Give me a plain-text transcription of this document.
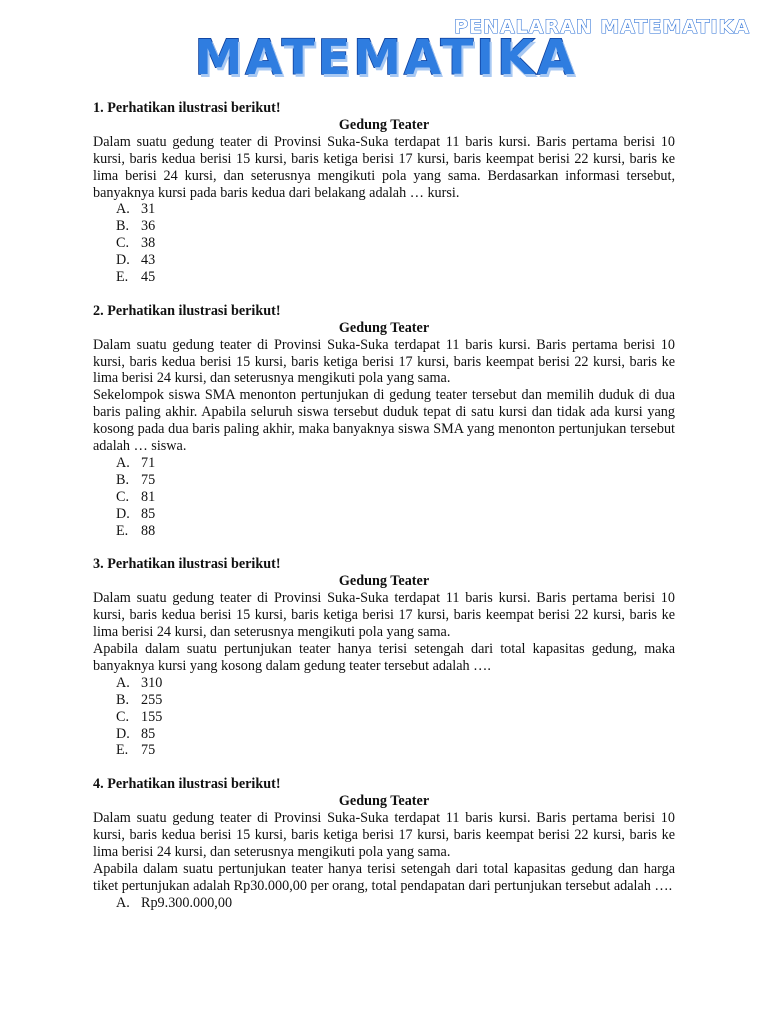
PENALARAN MATEMATIKA
MATEMATIKA
1. Perhatikan ilustrasi berikut!
Gedung Teater
Dalam suatu gedung teater di Provinsi Suka-Suka terdapat 11 baris kursi. Baris pertama berisi 10 kursi, baris kedua berisi 15 kursi, baris ketiga berisi 17 kursi, baris keempat berisi 22 kursi, baris ke lima berisi 24 kursi, dan seterusnya mengikuti pola yang sama. Berdasarkan informasi tersebut, banyaknya kursi pada baris kedua dari belakang adalah … kursi.
A. 31
B. 36
C. 38
D. 43
E. 45
2. Perhatikan ilustrasi berikut!
Gedung Teater
Dalam suatu gedung teater di Provinsi Suka-Suka terdapat 11 baris kursi. Baris pertama berisi 10 kursi, baris kedua berisi 15 kursi, baris ketiga berisi 17 kursi, baris keempat berisi 22 kursi, baris ke lima berisi 24 kursi, dan seterusnya mengikuti pola yang sama.
Sekelompok siswa SMA menonton pertunjukan di gedung teater tersebut dan memilih duduk di dua baris paling akhir. Apabila seluruh siswa tersebut duduk tepat di satu kursi dan tidak ada kursi yang kosong pada dua baris paling akhir, maka banyaknya siswa SMA yang menonton pertunjukan tersebut adalah … siswa.
A. 71
B. 75
C. 81
D. 85
E. 88
3. Perhatikan ilustrasi berikut!
Gedung Teater
Dalam suatu gedung teater di Provinsi Suka-Suka terdapat 11 baris kursi. Baris pertama berisi 10 kursi, baris kedua berisi 15 kursi, baris ketiga berisi 17 kursi, baris keempat berisi 22 kursi, baris ke lima berisi 24 kursi, dan seterusnya mengikuti pola yang sama.
Apabila dalam suatu pertunjukan teater hanya terisi setengah dari total kapasitas gedung, maka banyaknya kursi yang kosong dalam gedung teater tersebut adalah ….
A. 310
B. 255
C. 155
D. 85
E. 75
4. Perhatikan ilustrasi berikut!
Gedung Teater
Dalam suatu gedung teater di Provinsi Suka-Suka terdapat 11 baris kursi. Baris pertama berisi 10 kursi, baris kedua berisi 15 kursi, baris ketiga berisi 17 kursi, baris keempat berisi 22 kursi, baris ke lima berisi 24 kursi, dan seterusnya mengikuti pola yang sama.
Apabila dalam suatu pertunjukan teater hanya terisi setengah dari total kapasitas gedung dan harga tiket pertunjukan adalah Rp30.000,00 per orang, total pendapatan dari pertunjukan tersebut adalah ….
A. Rp9.300.000,00
